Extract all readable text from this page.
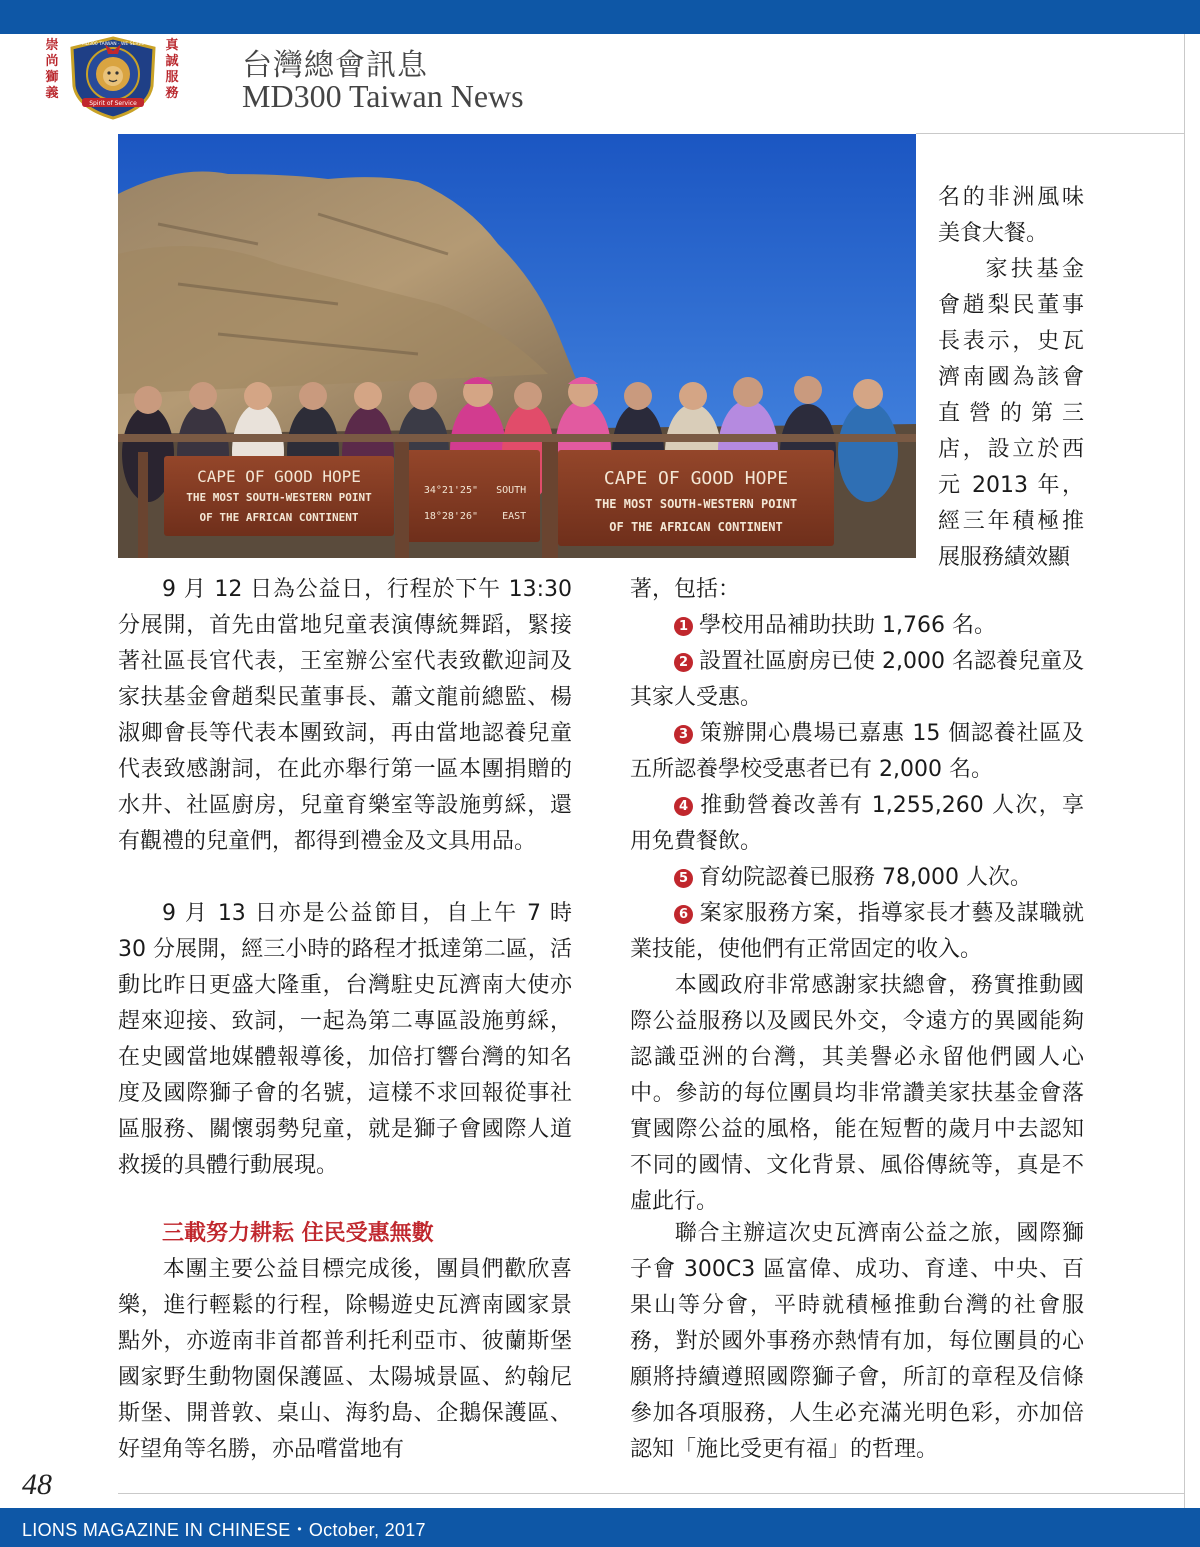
崇尚獅義
Spirit of Service
MD300 TAIWAN · WE SERVE 真誠服務
台灣總會訊息
MD300 Taiwan News
CAPE OF GOOD HOPE
THE MOST SOUTH-WESTERN POINT
OF THE AFRICAN CONTINENT
34°21'25" SOUTH
18°28'26" EAST
CAPE OF GOOD HOPE
THE MOST SOUTH-WESTERN POINT
OF THE AFRICAN CONTINENT

名的非洲風味美食大餐。

家扶基金會趙梨民董事長表示，史瓦濟南國為該會直營的第三店，設立於西元 2013 年，經三年積極推展服務績效顯

9 月 12 日為公益日，行程於下午 13:30 分展開，首先由當地兒童表演傳統舞蹈，緊接著社區長官代表，王室辦公室代表致歡迎詞及家扶基金會趙梨民董事長、蕭文龍前總監、楊淑卿會長等代表本團致詞，再由當地認養兒童代表致感謝詞，在此亦舉行第一區本團捐贈的水井、社區廚房，兒童育樂室等設施剪綵，還有觀禮的兒童們，都得到禮金及文具用品。

9 月 13 日亦是公益節目，自上午 7 時 30 分展開，經三小時的路程才抵達第二區，活動比昨日更盛大隆重，台灣駐史瓦濟南大使亦趕來迎接、致詞，一起為第二專區設施剪綵，在史國當地媒體報導後，加倍打響台灣的知名度及國際獅子會的名號，這樣不求回報從事社區服務、關懷弱勢兒童，就是獅子會國際人道救援的具體行動展現。

三載努力耕耘 住民受惠無數

本團主要公益目標完成後，團員們歡欣喜樂，進行輕鬆的行程，除暢遊史瓦濟南國家景點外，亦遊南非首都普利托利亞市、彼蘭斯堡國家野生動物園保護區、太陽城景區、約翰尼斯堡、開普敦、桌山、海豹島、企鵝保護區、好望角等名勝，亦品嚐當地有

著，包括：

1 學校用品補助扶助 1,766 名。
2 設置社區廚房已使 2,000 名認養兒童及其家人受惠。
3 策辦開心農場已嘉惠 15 個認養社區及五所認養學校受惠者已有 2,000 名。
4 推動營養改善有 1,255,260 人次，享用免費餐飲。
5 育幼院認養已服務 78,000 人次。
6 案家服務方案，指導家長才藝及謀職就業技能，使他們有正常固定的收入。

本國政府非常感謝家扶總會，務實推動國際公益服務以及國民外交，令遠方的異國能夠認識亞洲的台灣，其美譽必永留他們國人心中。參訪的每位團員均非常讚美家扶基金會落實國際公益的風格，能在短暫的歲月中去認知不同的國情、文化背景、風俗傳統等，真是不虛此行。

聯合主辦這次史瓦濟南公益之旅，國際獅子會 300C3 區富偉、成功、育達、中央、百果山等分會，平時就積極推動台灣的社會服務，對於國外事務亦熱情有加，每位團員的心願將持續遵照國際獅子會，所訂的章程及信條參加各項服務，人生必充滿光明色彩，亦加倍認知「施比受更有福」的哲理。

48
LIONS MAGAZINE IN CHINESE・October, 2017
